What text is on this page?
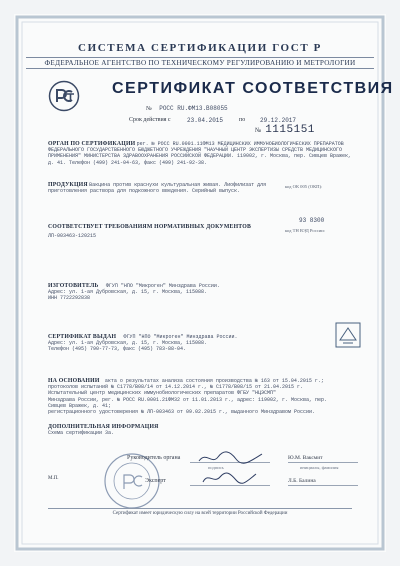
СИСТЕМА СЕРТИФИКАЦИИ ГОСТ Р
ФЕДЕРАЛЬНОЕ АГЕНТСТВО ПО ТЕХНИЧЕСКОМУ РЕГУЛИРОВАНИЮ И МЕТРОЛОГИИ
СЕРТИФИКАТ СООТВЕТСТВИЯ
№ РОСС RU.ФМ13.В08055
Срок действия с	23.04.2015	по 29.12.2017
№ 1115151
ОРГАН ПО СЕРТИФИКАЦИИ рег. № РОСС RU.0001.11ФМ13 МЕДИЦИНСКИХ ИММУНОБИОЛОГИЧЕСКИХ ПРЕПАРАТОВ ФЕДЕРАЛЬНОГО ГОСУДАРСТВЕННОГО БЮДЖЕТНОГО УЧРЕЖДЕНИЯ "НАУЧНЫЙ ЦЕНТР ЭКСПЕРТИЗЫ СРЕДСТВ МЕДИЦИНСКОГО ПРИМЕНЕНИЯ" МИНИСТЕРСТВА ЗДРАВООХРАНЕНИЯ РОССИЙСКОЙ ФЕДЕРАЦИИ. 119002, г. Москва, пер. Сивцев Вражек, д. 41. Телефон (499) 241-04-63, факс (499) 241-92-38.
ПРОДУКЦИЯ Вакцина против краснухи культуральная живая. Лиофилизат для приготовления раствора для подкожного введения. Серийный выпуск.
код ОК 005 (ОКП):
93 8300
СООТВЕТСТВУЕТ ТРЕБОВАНИЯМ НОРМАТИВНЫХ ДОКУМЕНТОВ
ЛП-003463-120215
код ТН ВЭД России:
ИЗГОТОВИТЕЛЬ ФГУП "НПО "Микроген" Минздрава России.
Адрес: ул. 1-ая Дубровская, д. 15, г. Москва, 115088.
ИНН 7722292838
СЕРТИФИКАТ ВЫДАН ФГУП "НПО "Микроген" Минздрава России.
Адрес: ул. 1-ая Дубровская, д. 15, г. Москва, 115088.
Телефон (495) 790-77-73, факс (495) 783-88-04.
НА ОСНОВАНИИ акта о результатах анализа состояния производства № 163 от 15.04.2015 г.;
протоколов испытаний № С1778/В08/14 от 14.12.2014 г., № С1778/В08/15 от 21.04.2015 г.
Испытательный центр медицинских иммунобиологических препаратов ФГБУ "НЦЭСМП"
Минздрава России, рег. № РОСС RU.0001.21ФМ32 от 11.01.2013 г., адрес: 119002, г. Москва, пер.
Сивцев Вражек, д. 41;
регистрационного удостоверения № ЛП-003463 от 09.02.2015 г., выданного Минздравом России.
ДОПОЛНИТЕЛЬНАЯ ИНФОРМАЦИЯ
Схема сертификации 3а.
Руководитель органа	Ю.М. Ваксмит
подпись	инициалы, фамилия
М.П.	Эксперт	Л.Б. Балина
Сертификат имеет юридическую силу на всей территории Российской Федерации
